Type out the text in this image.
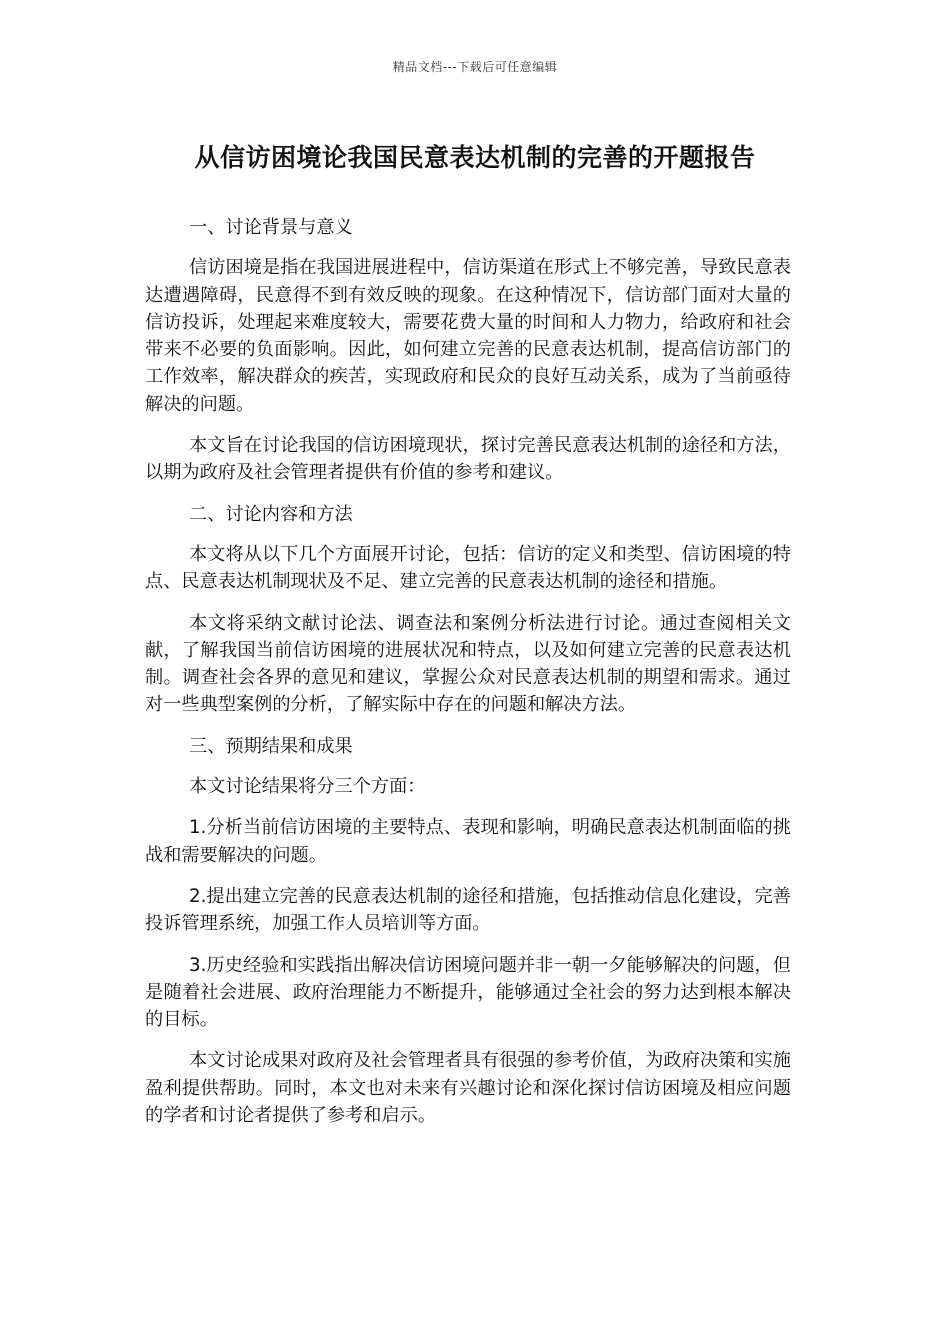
精品文档---下载后可任意编辑
从信访困境论我国民意表达机制的完善的开题报告

一、讨论背景与意义

信访困境是指在我国进展进程中，信访渠道在形式上不够完善，导致民意表达遭遇障碍，民意得不到有效反映的现象。在这种情况下，信访部门面对大量的信访投诉，处理起来难度较大，需要花费大量的时间和人力物力，给政府和社会带来不必要的负面影响。因此，如何建立完善的民意表达机制，提高信访部门的工作效率，解决群众的疾苦，实现政府和民众的良好互动关系，成为了当前亟待解决的问题。

本文旨在讨论我国的信访困境现状，探讨完善民意表达机制的途径和方法，以期为政府及社会管理者提供有价值的参考和建议。

二、讨论内容和方法

本文将从以下几个方面展开讨论，包括：信访的定义和类型、信访困境的特点、民意表达机制现状及不足、建立完善的民意表达机制的途径和措施。

本文将采纳文献讨论法、调查法和案例分析法进行讨论。通过查阅相关文献，了解我国当前信访困境的进展状况和特点，以及如何建立完善的民意表达机制。调查社会各界的意见和建议，掌握公众对民意表达机制的期望和需求。通过对一些典型案例的分析，了解实际中存在的问题和解决方法。

三、预期结果和成果

本文讨论结果将分三个方面：

1.分析当前信访困境的主要特点、表现和影响，明确民意表达机制面临的挑战和需要解决的问题。

2.提出建立完善的民意表达机制的途径和措施，包括推动信息化建设，完善投诉管理系统，加强工作人员培训等方面。

3.历史经验和实践指出解决信访困境问题并非一朝一夕能够解决的问题，但是随着社会进展、政府治理能力不断提升，能够通过全社会的努力达到根本解决的目标。

本文讨论成果对政府及社会管理者具有很强的参考价值，为政府决策和实施盈利提供帮助。同时，本文也对未来有兴趣讨论和深化探讨信访困境及相应问题的学者和讨论者提供了参考和启示。
